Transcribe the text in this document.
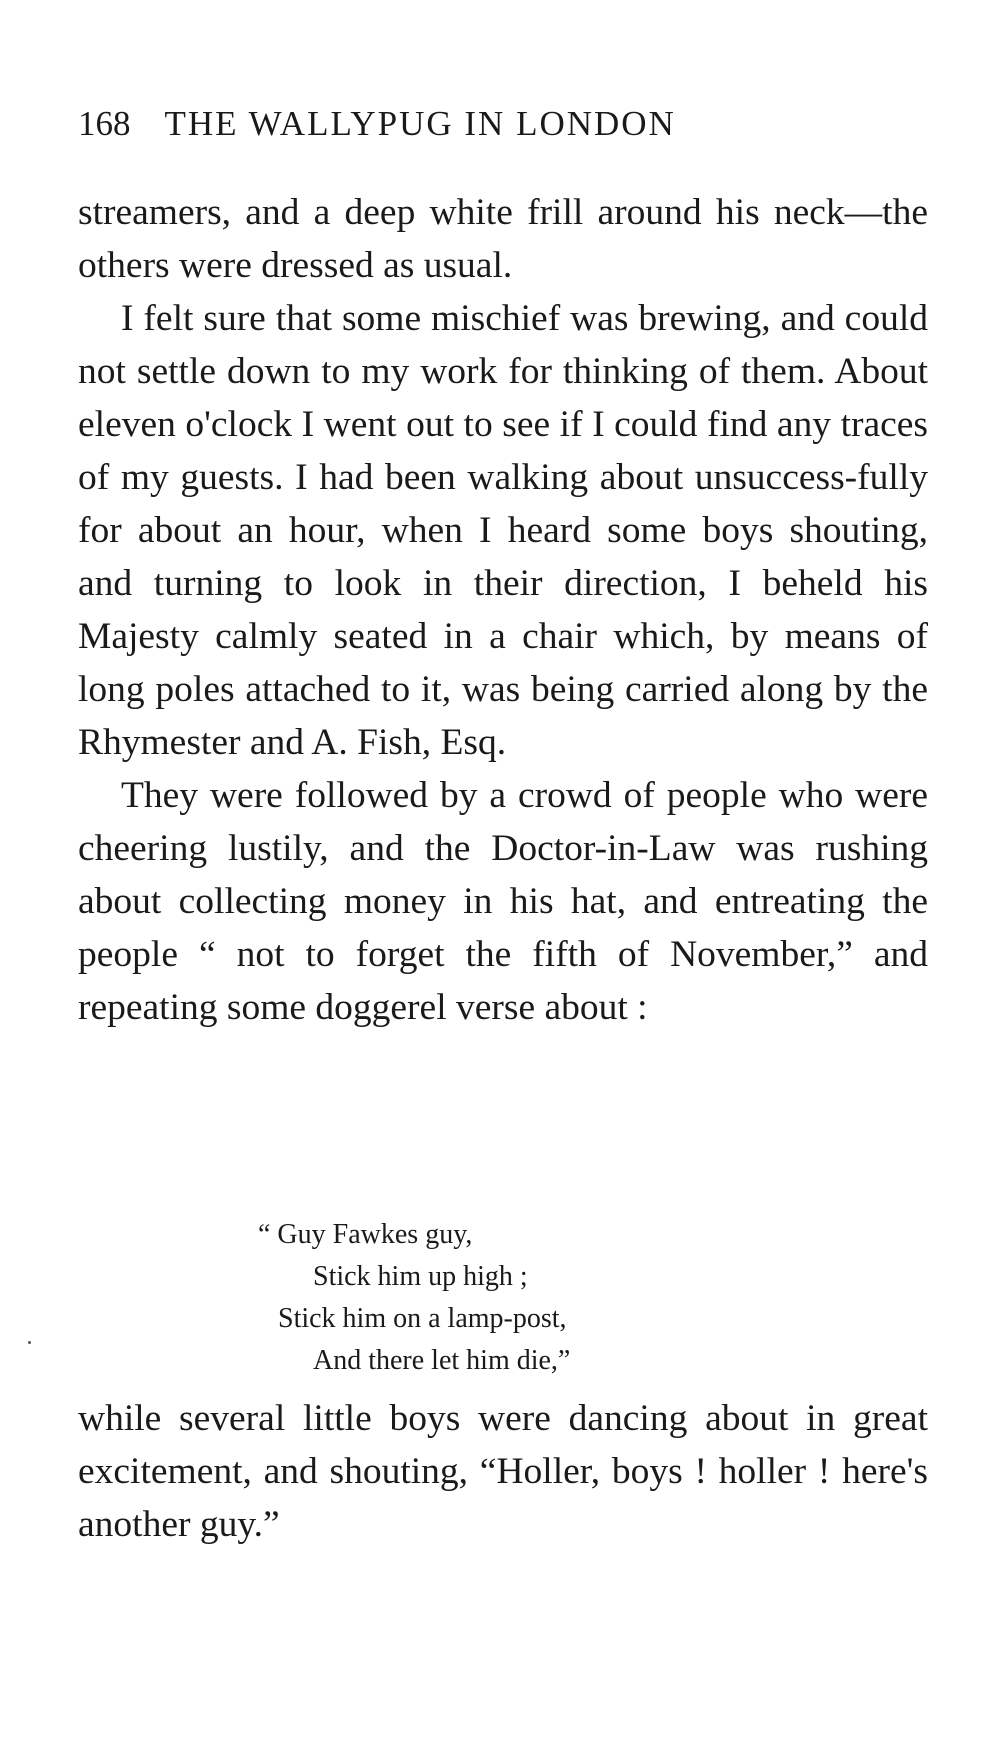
168 THE WALLYPUG IN LONDON

streamers, and a deep white frill around his neck—the others were dressed as usual.

I felt sure that some mischief was brewing, and could not settle down to my work for thinking of them. About eleven o'clock I went out to see if I could find any traces of my guests. I had been walking about unsuccess-fully for about an hour, when I heard some boys shouting, and turning to look in their direction, I beheld his Majesty calmly seated in a chair which, by means of long poles attached to it, was being carried along by the Rhymester and A. Fish, Esq.

They were followed by a crowd of people who were cheering lustily, and the Doctor-in-Law was rushing about collecting money in his hat, and entreating the people “ not to forget the fifth of November,” and repeating some doggerel verse about :

“ Guy Fawkes guy,
Stick him up high ;
Stick him on a lamp-post,
And there let him die,”

while several little boys were dancing about in great excitement, and shouting, “Holler, boys ! holler ! here's another guy.”
